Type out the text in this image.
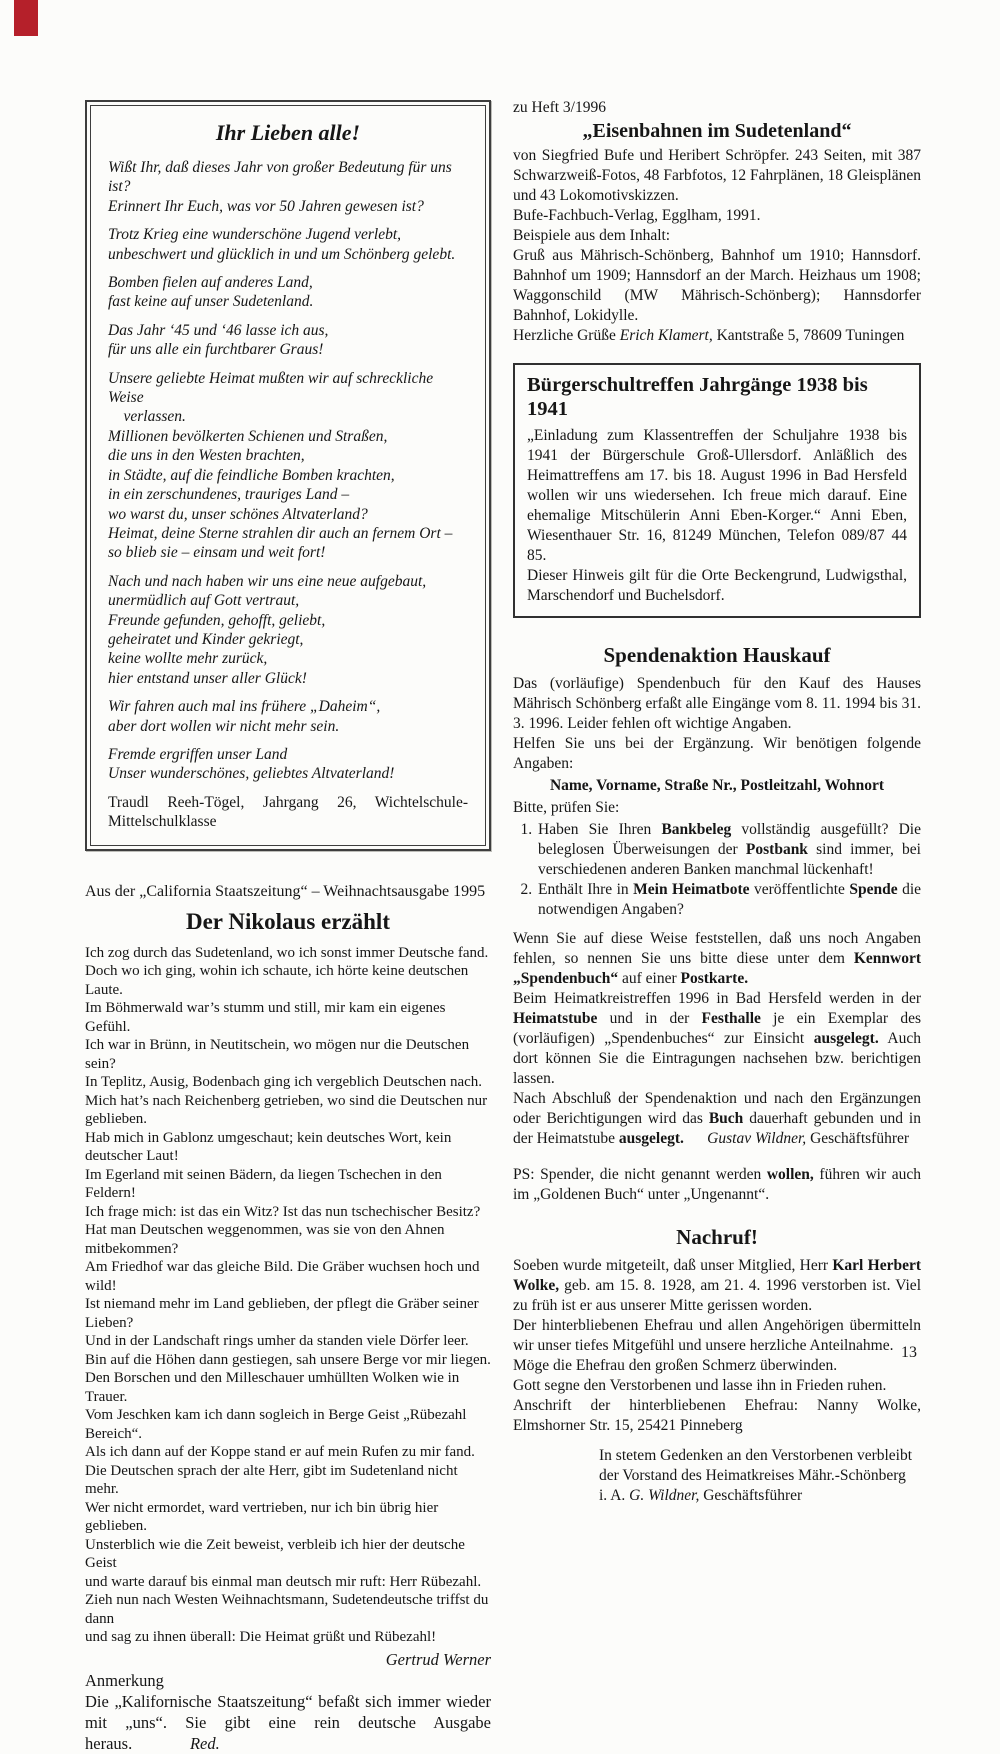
Ihr Lieben alle!
Wißt Ihr, daß dieses Jahr von großer Bedeutung für uns ist?
Erinnert Ihr Euch, was vor 50 Jahren gewesen ist?
Trotz Krieg eine wunderschöne Jugend verlebt,
unbeschwert und glücklich in und um Schönberg gelebt.
Bomben fielen auf anderes Land,
fast keine auf unser Sudetenland.
Das Jahr ‘45 und ‘46 lasse ich aus,
für uns alle ein furchtbarer Graus!
Unsere geliebte Heimat mußten wir auf schreckliche Weise
verlassen.
Millionen bevölkerten Schienen und Straßen,
die uns in den Westen brachten,
in Städte, auf die feindliche Bomben krachten,
in ein zerschundenes, trauriges Land –
wo warst du, unser schönes Altvaterland?
Heimat, deine Sterne strahlen dir auch an fernem Ort –
so blieb sie – einsam und weit fort!
Nach und nach haben wir uns eine neue aufgebaut,
unermüdlich auf Gott vertraut,
Freunde gefunden, gehofft, geliebt,
geheiratet und Kinder gekriegt,
keine wollte mehr zurück,
hier entstand unser aller Glück!
Wir fahren auch mal ins frühere „Daheim“,
aber dort wollen wir nicht mehr sein.
Fremde ergriffen unser Land
Unser wunderschönes, geliebtes Altvaterland!
Traudl Reeh-Tögel, Jahrgang 26, Wichtelschule-Mittelschulklasse
Aus der „California Staatszeitung“ – Weihnachtsausgabe 1995
Der Nikolaus erzählt
Ich zog durch das Sudetenland, wo ich sonst immer Deutsche fand.
Doch wo ich ging, wohin ich schaute, ich hörte keine deutschen Laute.
Im Böhmerwald war’s stumm und still, mir kam ein eigenes Gefühl.
Ich war in Brünn, in Neutitschein, wo mögen nur die Deutschen sein?
In Teplitz, Ausig, Bodenbach ging ich vergeblich Deutschen nach.
Mich hat’s nach Reichenberg getrieben, wo sind die Deutschen nur geblieben.
Hab mich in Gablonz umgeschaut; kein deutsches Wort, kein deutscher Laut!
Im Egerland mit seinen Bädern, da liegen Tschechen in den Feldern!
Ich frage mich: ist das ein Witz? Ist das nun tschechischer Besitz?
Hat man Deutschen weggenommen, was sie von den Ahnen mitbekommen?
Am Friedhof war das gleiche Bild. Die Gräber wuchsen hoch und wild!
Ist niemand mehr im Land geblieben, der pflegt die Gräber seiner Lieben?
Und in der Landschaft rings umher da standen viele Dörfer leer.
Bin auf die Höhen dann gestiegen, sah unsere Berge vor mir liegen.
Den Borschen und den Milleschauer umhüllten Wolken wie in Trauer.
Vom Jeschken kam ich dann sogleich in Berge Geist „Rübezahl Bereich“.
Als ich dann auf der Koppe stand er auf mein Rufen zu mir fand.
Die Deutschen sprach der alte Herr, gibt im Sudetenland nicht mehr.
Wer nicht ermordet, ward vertrieben, nur ich bin übrig hier geblieben.
Unsterblich wie die Zeit beweist, verbleib ich hier der deutsche Geist
und warte darauf bis einmal man deutsch mir ruft: Herr Rübezahl.
Zieh nun nach Westen Weihnachtsmann, Sudetendeutsche triffst du dann
und sag zu ihnen überall: Die Heimat grüßt und Rübezahl!
Gertrud Werner
Anmerkung
Die „Kalifornische Staatszeitung“ befaßt sich immer wieder mit „uns“. Sie gibt eine rein deutsche Ausgabe heraus.	Red.
zu Heft 3/1996
„Eisenbahnen im Sudetenland“
von Siegfried Bufe und Heribert Schröpfer. 243 Seiten, mit 387 Schwarzweiß-Fotos, 48 Farbfotos, 12 Fahrplänen, 18 Gleisplänen und 43 Lokomotivskizzen.
Bufe-Fachbuch-Verlag, Egglham, 1991.
Beispiele aus dem Inhalt:
Gruß aus Mährisch-Schönberg, Bahnhof um 1910; Hannsdorf. Bahnhof um 1909; Hannsdorf an der March. Heizhaus um 1908; Waggonschild (MW Mährisch-Schönberg); Hannsdorfer Bahnhof, Lokidylle.
Herzliche Grüße Erich Klamert, Kantstraße 5, 78609 Tuningen
Bürgerschultreffen Jahrgänge 1938 bis 1941
„Einladung zum Klassentreffen der Schuljahre 1938 bis 1941 der Bürgerschule Groß-Ullersdorf. Anläßlich des Heimattreffens am 17. bis 18. August 1996 in Bad Hersfeld wollen wir uns wiedersehen. Ich freue mich darauf. Eine ehemalige Mitschülerin Anni Eben-Korger.“ Anni Eben, Wiesenthauer Str. 16, 81249 München, Telefon 089/87 44 85.
Dieser Hinweis gilt für die Orte Beckengrund, Ludwigsthal, Marschendorf und Buchelsdorf.
Spendenaktion Hauskauf
Das (vorläufige) Spendenbuch für den Kauf des Hauses Mährisch Schönberg erfaßt alle Eingänge vom 8. 11. 1994 bis 31. 3. 1996. Leider fehlen oft wichtige Angaben.
Helfen Sie uns bei der Ergänzung. Wir benötigen folgende Angaben:
Name, Vorname, Straße Nr., Postleitzahl, Wohnort
Bitte, prüfen Sie:
1. Haben Sie Ihren Bankbeleg vollständig ausgefüllt? Die beleglosen Überweisungen der Postbank sind immer, bei verschiedenen anderen Banken manchmal lückenhaft!
2. Enthält Ihre in Mein Heimatbote veröffentlichte Spende die notwendigen Angaben?
Wenn Sie auf diese Weise feststellen, daß uns noch Angaben fehlen, so nennen Sie uns bitte diese unter dem Kennwort „Spendenbuch“ auf einer Postkarte.
Beim Heimatkreistreffen 1996 in Bad Hersfeld werden in der Heimatstube und in der Festhalle je ein Exemplar des (vorläufigen) „Spendenbuches“ zur Einsicht ausgelegt. Auch dort können Sie die Eintragungen nachsehen bzw. berichtigen lassen.
Nach Abschluß der Spendenaktion und nach den Ergänzungen oder Berichtigungen wird das Buch dauerhaft gebunden und in der Heimatstube ausgelegt. Gustav Wildner, Geschäftsführer
PS: Spender, die nicht genannt werden wollen, führen wir auch im „Goldenen Buch“ unter „Ungenannt“.
Nachruf!
Soeben wurde mitgeteilt, daß unser Mitglied, Herr Karl Herbert Wolke, geb. am 15. 8. 1928, am 21. 4. 1996 verstorben ist. Viel zu früh ist er aus unserer Mitte gerissen worden.
Der hinterbliebenen Ehefrau und allen Angehörigen übermitteln wir unser tiefes Mitgefühl und unsere herzliche Anteilnahme.
Möge die Ehefrau den großen Schmerz überwinden.
Gott segne den Verstorbenen und lasse ihn in Frieden ruhen.
Anschrift der hinterbliebenen Ehefrau: Nanny Wolke, Elmshorner Str. 15, 25421 Pinneberg
In stetem Gedenken an den Verstorbenen verbleibt
der Vorstand des Heimatkreises Mähr.-Schönberg
i. A. G. Wildner, Geschäftsführer
13
